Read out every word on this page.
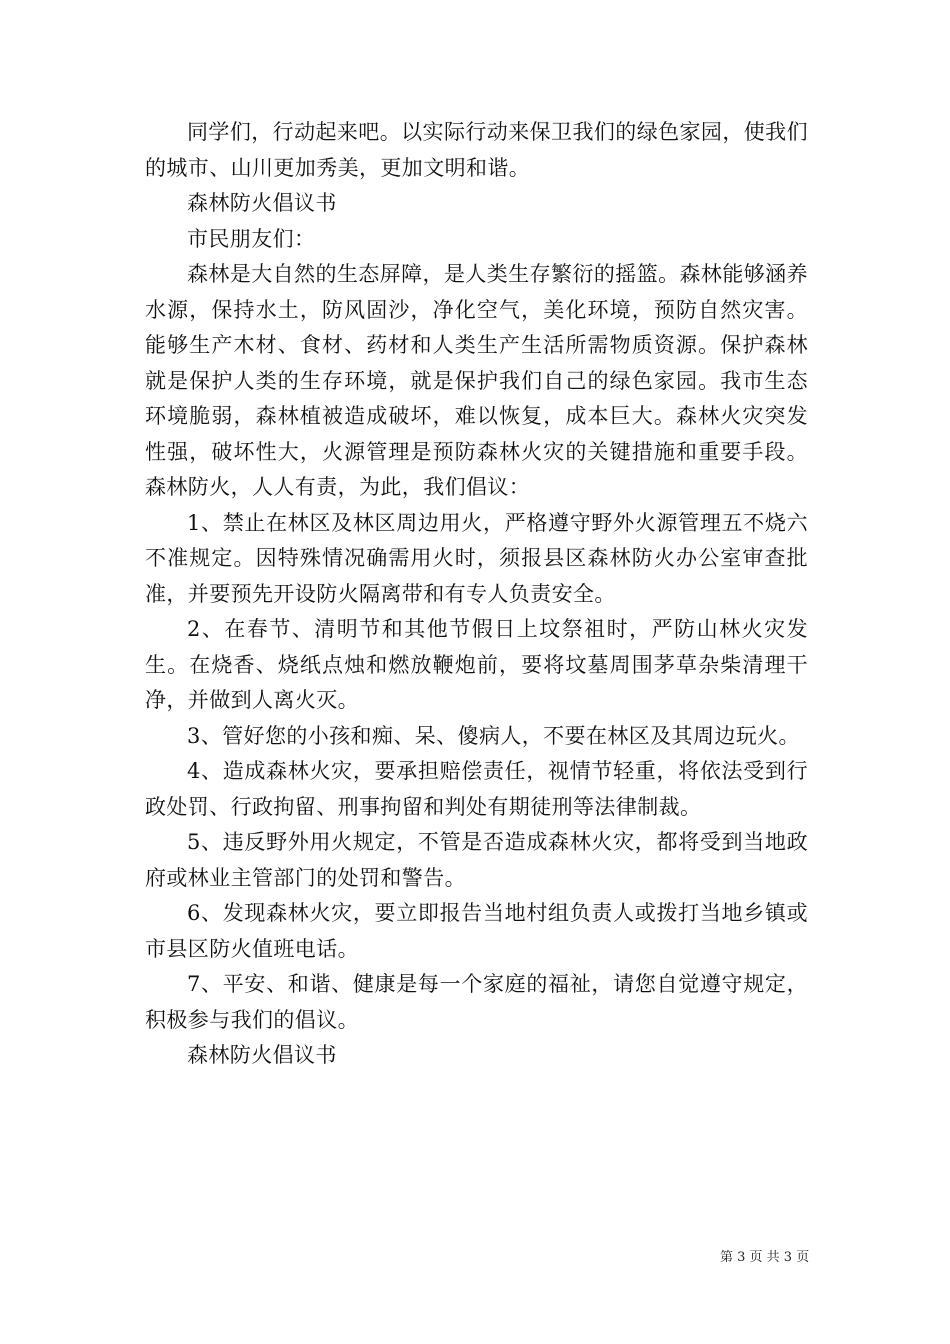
同学们，行动起来吧。以实际行动来保卫我们的绿色家园，使我们的城市、山川更加秀美，更加文明和谐。

森林防火倡议书

市民朋友们：

森林是大自然的生态屏障，是人类生存繁衍的摇篮。森林能够涵养水源，保持水土，防风固沙，净化空气，美化环境，预防自然灾害。能够生产木材、食材、药材和人类生产生活所需物质资源。保护森林就是保护人类的生存环境，就是保护我们自己的绿色家园。我市生态环境脆弱，森林植被造成破坏，难以恢复，成本巨大。森林火灾突发性强，破坏性大，火源管理是预防森林火灾的关键措施和重要手段。森林防火，人人有责，为此，我们倡议：

1、禁止在林区及林区周边用火，严格遵守野外火源管理五不烧六不准规定。因特殊情况确需用火时，须报县区森林防火办公室审查批准，并要预先开设防火隔离带和有专人负责安全。

2、在春节、清明节和其他节假日上坟祭祖时，严防山林火灾发生。在烧香、烧纸点烛和燃放鞭炮前，要将坟墓周围茅草杂柴清理干净，并做到人离火灭。

3、管好您的小孩和痴、呆、傻病人，不要在林区及其周边玩火。

4、造成森林火灾，要承担赔偿责任，视情节轻重，将依法受到行政处罚、行政拘留、刑事拘留和判处有期徒刑等法律制裁。

5、违反野外用火规定，不管是否造成森林火灾，都将受到当地政府或林业主管部门的处罚和警告。

6、发现森林火灾，要立即报告当地村组负责人或拨打当地乡镇或市县区防火值班电话。

7、平安、和谐、健康是每一个家庭的福祉，请您自觉遵守规定，积极参与我们的倡议。

森林防火倡议书

第 3 页 共 3 页
